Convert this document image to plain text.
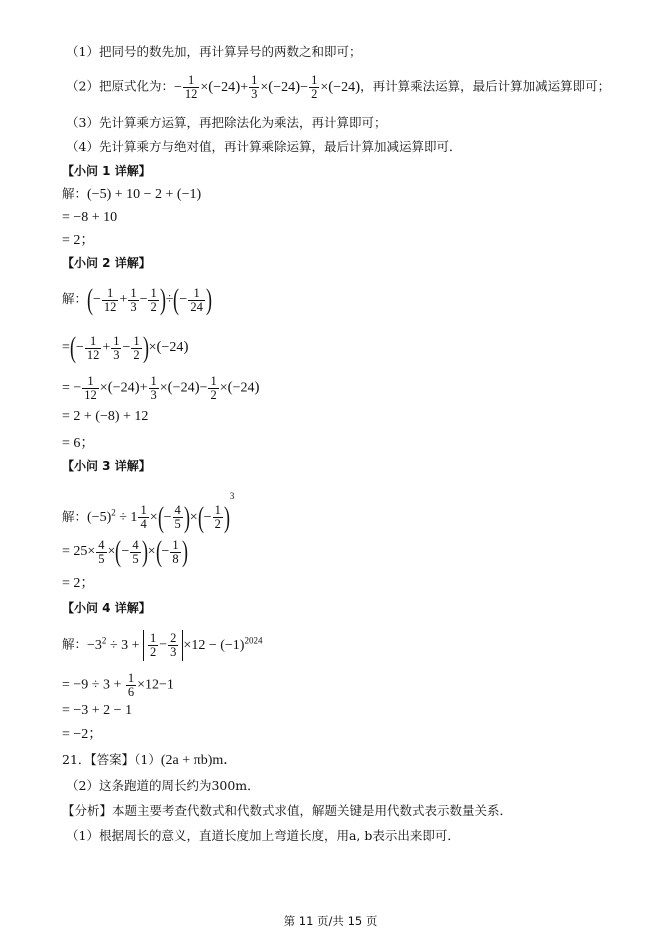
（1）把同号的数先加，再计算异号的两数之和即可；
（2）把原式化为：− $\frac{1}{12} \times(-24)+ \frac{1}{3} \times(-24)- \frac{1}{2} \times(-24)$，再计算乘法运算，最后计算加减运算即可；
（3）先计算乘方运算，再把除法化为乘法，再计算即可；
（4）先计算乘方与绝对值，再计算乘除运算，最后计算加减运算即可．
【小问 1 详解】
解：(−5) + 10 − 2 + (−1)
= −8 + 10
= 2；
【小问 2 详解】
解：(− $\frac{1}{12} + \frac{1}{3} - \frac{1}{2}$ )÷(− $\frac{1}{24}$ )
=(− $\frac{1}{12} + \frac{1}{3} - \frac{1}{2} )\times(-24)$
= − $\frac{1}{12} \times(-24)+ \frac{1}{3} \times(-24)- \frac{1}{2} \times(-24)$
= 2 + (−8) + 12
= 6；
【小问 3 详解】
解：$(-5)^2 \div 1 \frac{1}{4}$ ×(− $\frac{4}{5}$ )×(− $\frac{1}{2} )^3$
= $25\times \frac{4}{5}$ ×(− $\frac{4}{5}$ )×(− $\frac{1}{8}$ )
= 2；
【小问 4 详解】
解：$-3^2 \div 3 + \frac{1}{2} - \frac{2}{3} \times 12 - (-1)^{2024}$
= $-9 \div 3 + \frac{1}{6} \times 12-1$
= −3 + 2 − 1
= −2；
21．【答案】（1）(2a + πb)m．
（2）这条跑道的周长约为300m．
【分析】本题主要考查代数式和代数式求值，解题关键是用代数式表示数量关系．
（1）根据周长的意义，直道长度加上弯道长度，用a, b表示出来即可．
第 11 页/共 15 页
